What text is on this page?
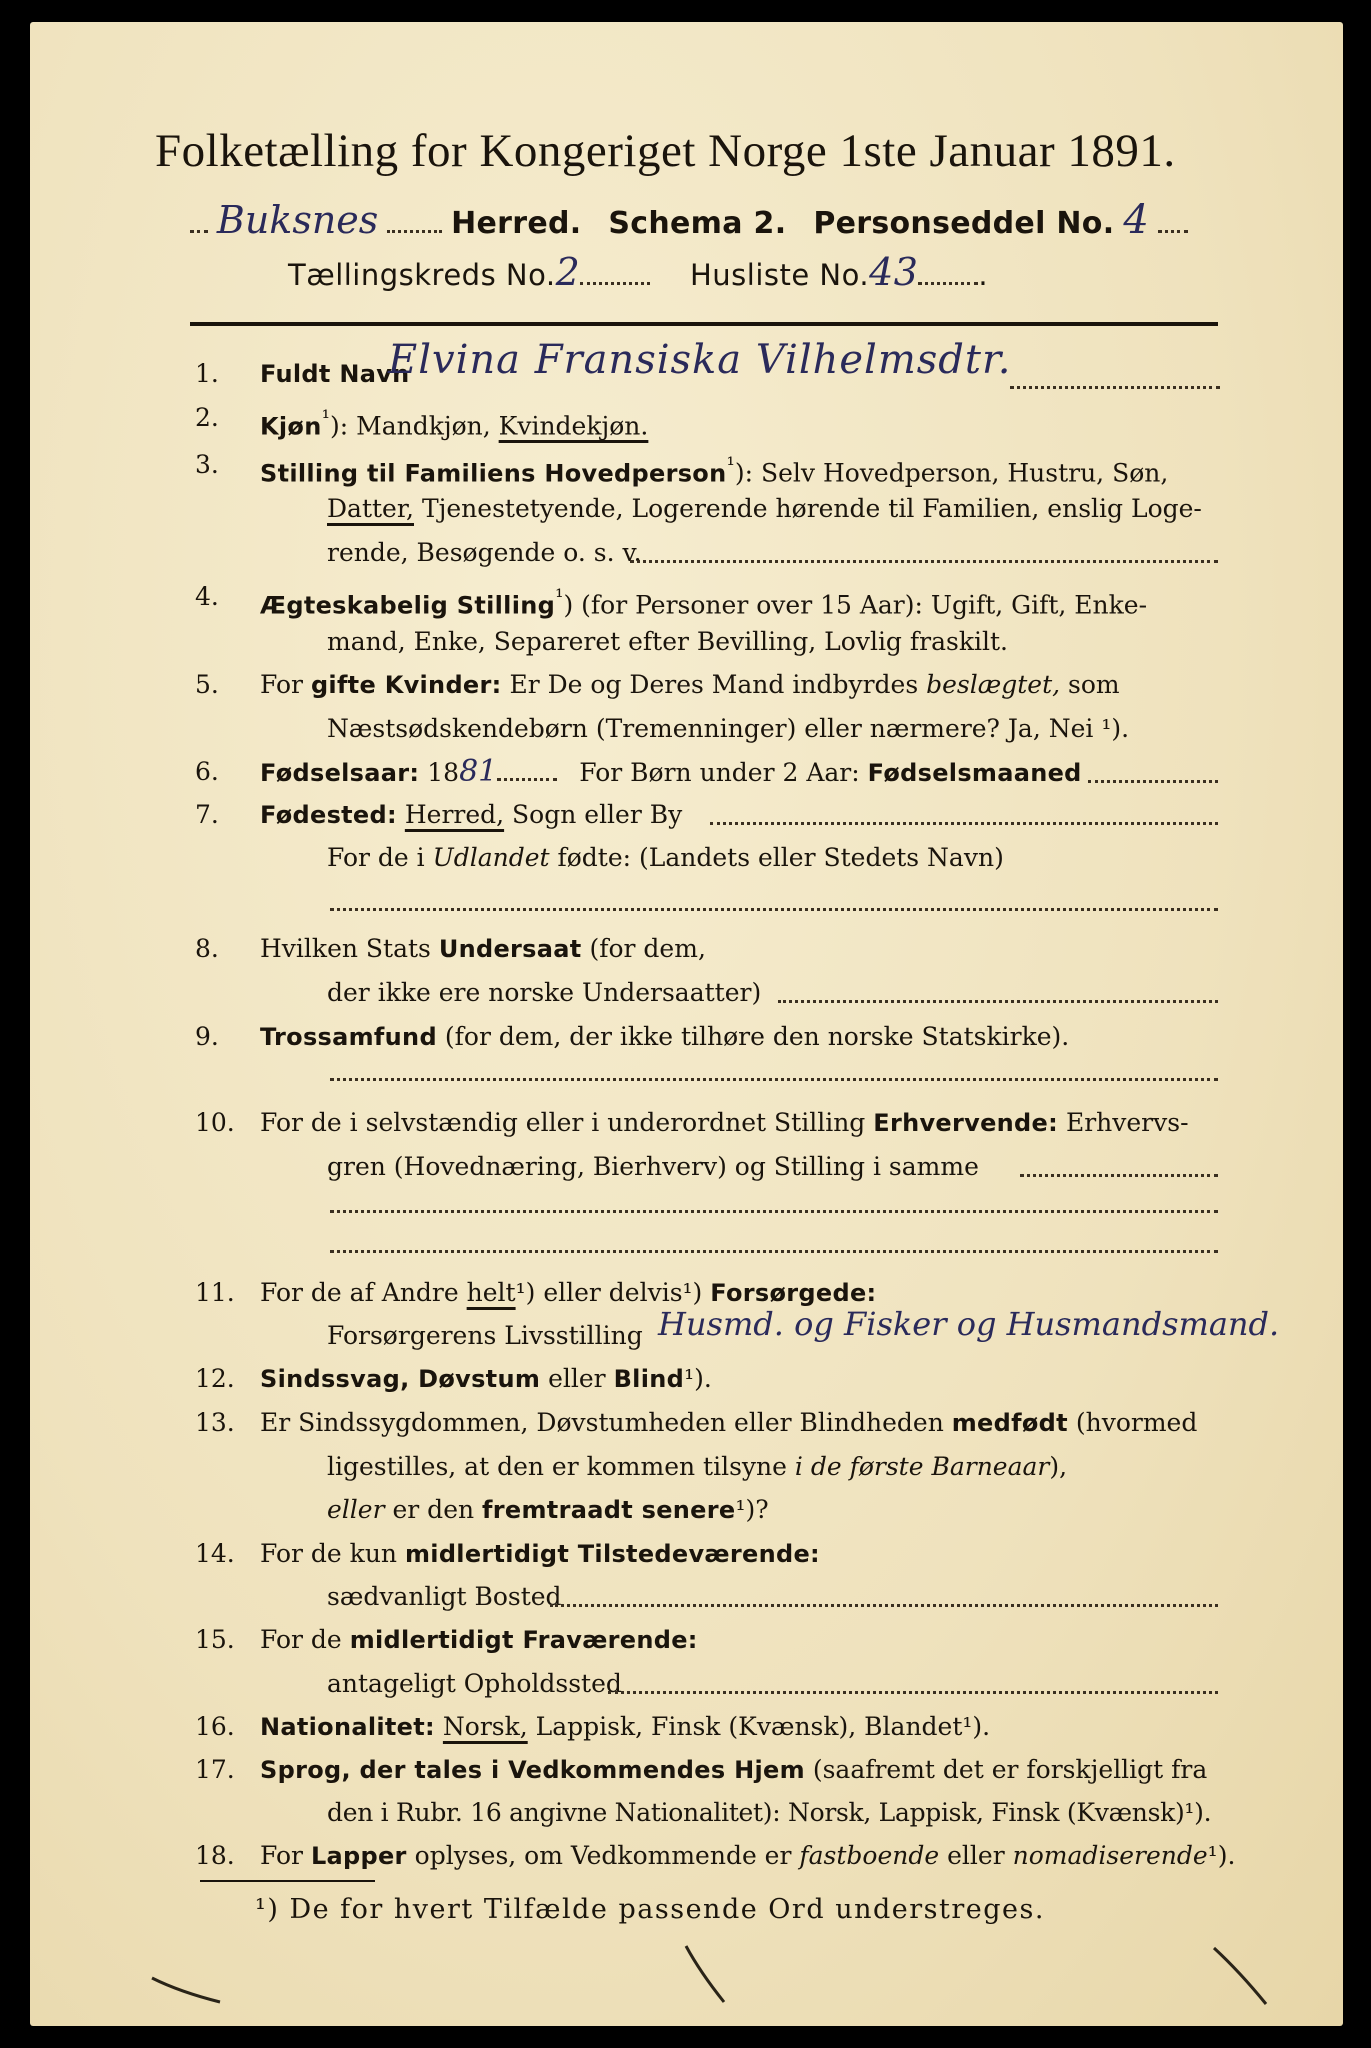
Folketælling for Kongeriget Norge 1ste Januar 1891.
Buksnes Herred. Schema 2. Personseddel No. 4
Tællingskreds No.2	Husliste No.43 .
1.	Fuldt Navn
Elvina Fransiska Vilhelmsdtr.
2.	Kjøn$^{^1}$): Mandkjøn, Kvindekjøn.
3.	Stilling til Familiens Hovedperson$^{^1}$): Selv Hovedperson, Hustru, Søn,
Datter, Tjenestetyende, Logerende hørende til Familien, enslig Loge-
rende, Besøgende o. s. v.
4.	Ægteskabelig Stilling$^{^1}$) (for Personer over 15 Aar): Ugift, Gift, Enke-
mand, Enke, Separeret efter Bevilling, Lovlig fraskilt.
5.	For gifte Kvinder: Er De og Deres Mand indbyrdes beslægtet, som
Næstsødskendebørn (Tremenninger) eller nærmere? Ja, Nei ¹).
6.	Fødselsaar: 1881	For Børn under 2 Aar: Fødselsmaaned
7.	Fødested: Herred, Sogn eller By
For de i Udlandet fødte: (Landets eller Stedets Navn)
8.	Hvilken Stats Undersaat (for dem,
der ikke ere norske Undersaatter)
9.	Trossamfund (for dem, der ikke tilhøre den norske Statskirke).
10.	For de i selvstændig eller i underordnet Stilling Erhvervende: Erhvervs-
gren (Hovednæring, Bierhverv) og Stilling i samme
11.	For de af Andre helt¹) eller delvis¹) Forsørgede:
Forsørgerens Livsstilling Husmd. og Fisker og Husmandsmand.
12.	Sindssvag, Døvstum eller Blind¹).
13.	Er Sindssygdommen, Døvstumheden eller Blindheden medfødt (hvormed
ligestilles, at den er kommen tilsyne i de første Barneaar),
eller er den fremtraadt senere¹)?
14.	For de kun midlertidigt Tilstedeværende:
sædvanligt Bosted
15.	For de midlertidigt Fraværende:
antageligt Opholdssted
16.	Nationalitet: Norsk, Lappisk, Finsk (Kvænsk), Blandet¹).
17.	Sprog, der tales i Vedkommendes Hjem (saafremt det er forskjelligt fra
den i Rubr. 16 angivne Nationalitet): Norsk, Lappisk, Finsk (Kvænsk)¹).
18.	For Lapper oplyses, om Vedkommende er fastboende eller nomadiserende¹).
¹) De for hvert Tilfælde passende Ord understreges.
